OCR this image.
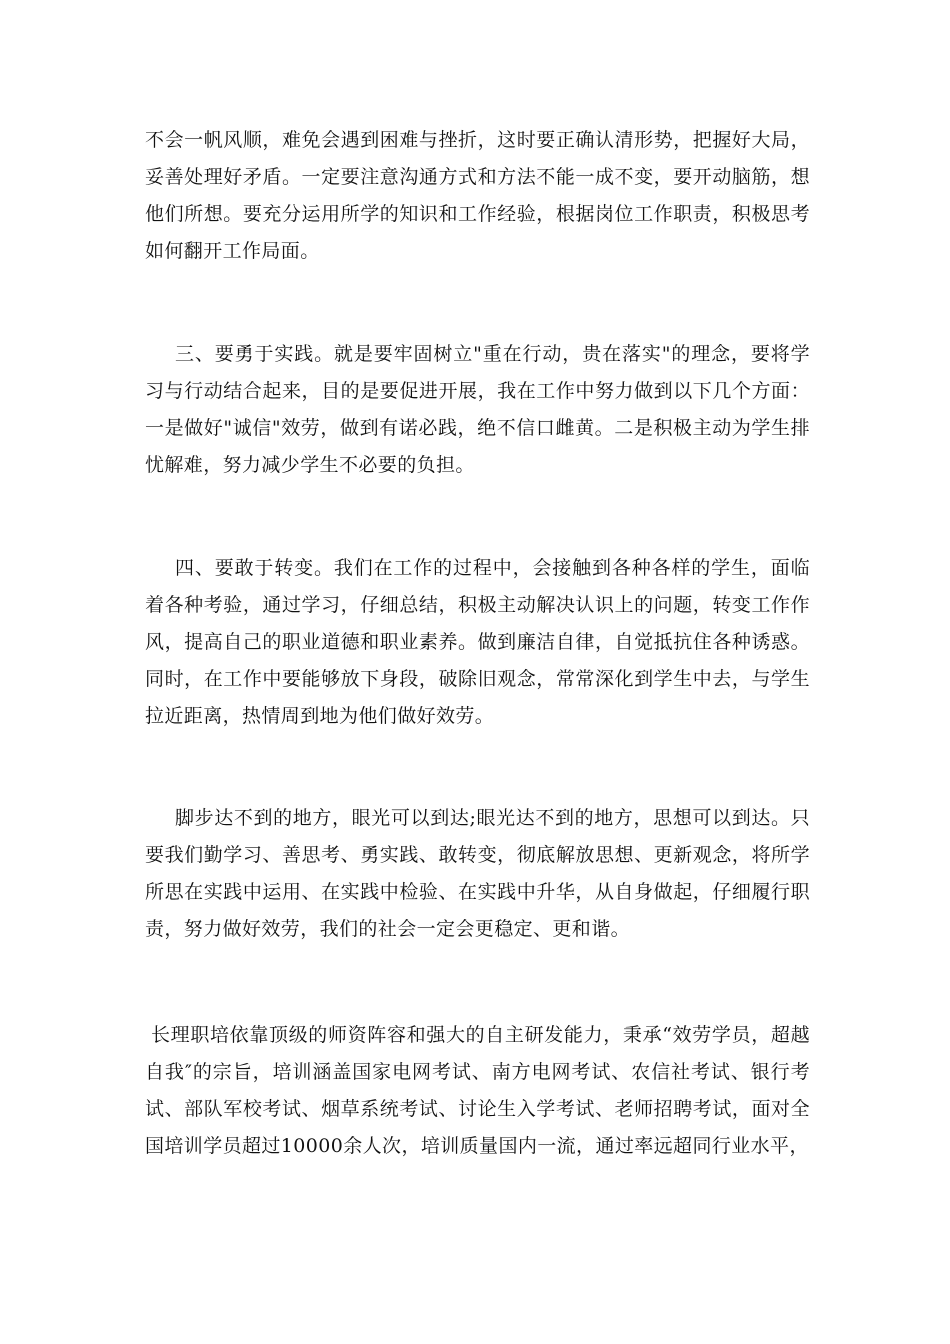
不会一帆风顺，难免会遇到困难与挫折，这时要正确认清形势，把握好大局，妥善处理好矛盾。一定要注意沟通方式和方法不能一成不变，要开动脑筋，想他们所想。要充分运用所学的知识和工作经验，根据岗位工作职责，积极思考如何翻开工作局面。

三、要勇于实践。就是要牢固树立"重在行动，贵在落实"的理念，要将学习与行动结合起来，目的是要促进开展，我在工作中努力做到以下几个方面：一是做好"诚信"效劳，做到有诺必践，绝不信口雌黄。二是积极主动为学生排忧解难，努力减少学生不必要的负担。

四、要敢于转变。我们在工作的过程中，会接触到各种各样的学生，面临着各种考验，通过学习，仔细总结，积极主动解决认识上的问题，转变工作作风，提高自己的职业道德和职业素养。做到廉洁自律，自觉抵抗住各种诱惑。同时，在工作中要能够放下身段，破除旧观念，常常深化到学生中去，与学生拉近距离，热情周到地为他们做好效劳。

脚步达不到的地方，眼光可以到达;眼光达不到的地方，思想可以到达。只要我们勤学习、善思考、勇实践、敢转变，彻底解放思想、更新观念，将所学所思在实践中运用、在实践中检验、在实践中升华，从自身做起，仔细履行职责，努力做好效劳，我们的社会一定会更稳定、更和谐。

长理职培依靠顶级的师资阵容和强大的自主研发能力，秉承“效劳学员，超越自我″的宗旨，培训涵盖国家电网考试、南方电网考试、农信社考试、银行考试、部队军校考试、烟草系统考试、讨论生入学考试、老师招聘考试，面对全国培训学员超过10000余人次，培训质量国内一流，通过率远超同行业水平，
